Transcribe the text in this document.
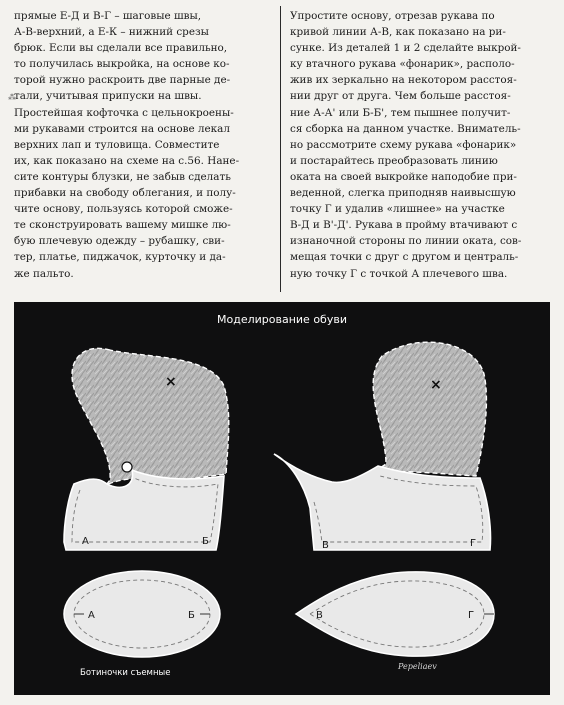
прямые Е-Д и В-Г – шаговые швы,
А-В-верхний, а Е-К – нижний срезы
брюк. Если вы сделали все правильно,
то получилась выкройка, на основе ко-
торой нужно раскроить две парные де-
тали, учитывая припуски на швы.
Простейшая кофточка с цельнокроены-
ми рукавами строится на основе лекал
верхних лап и туловища. Совместите
их, как показано на схеме на с.56. Нане-
сите контуры блузки, не забыв сделать
прибавки на свободу облегания, и полу-
чите основу, пользуясь которой сможе-
те сконструировать вашему мишке лю-
бую плечевую одежду – рубашку, сви-
тер, платье, пиджачок, курточку и да-
же пальто.

Упростите основу, отрезав рукава по
кривой линии А-В, как показано на ри-
сунке. Из деталей 1 и 2 сделайте выкрой-
ку втачного рукава «фонарик», располо-
жив их зеркально на некотором расстоя-
нии друг от друга. Чем больше расстоя-
ние А-А' или Б-Б', тем пышнее получит-
ся сборка на данном участке. Вниматель-
но рассмотрите схему рукава «фонарик»
и постарайтесь преобразовать линию
оката на своей выкройке наподобие при-
веденной, слегка приподняв наивысшую
точку Г и удалив «лишнее» на участке
В-Д и В'-Д'. Рукава в пройму втачивают с
изнаночной стороны по линии оката, сов-
мещая точки с друг с другом и централь-
ную точку Г с точкой А плечевого шва.

⁂
×
А	Б
×
В	Г
А	Б	В	Г
Моделирование обуви
Ботиночки съемные
Pepeliaev
